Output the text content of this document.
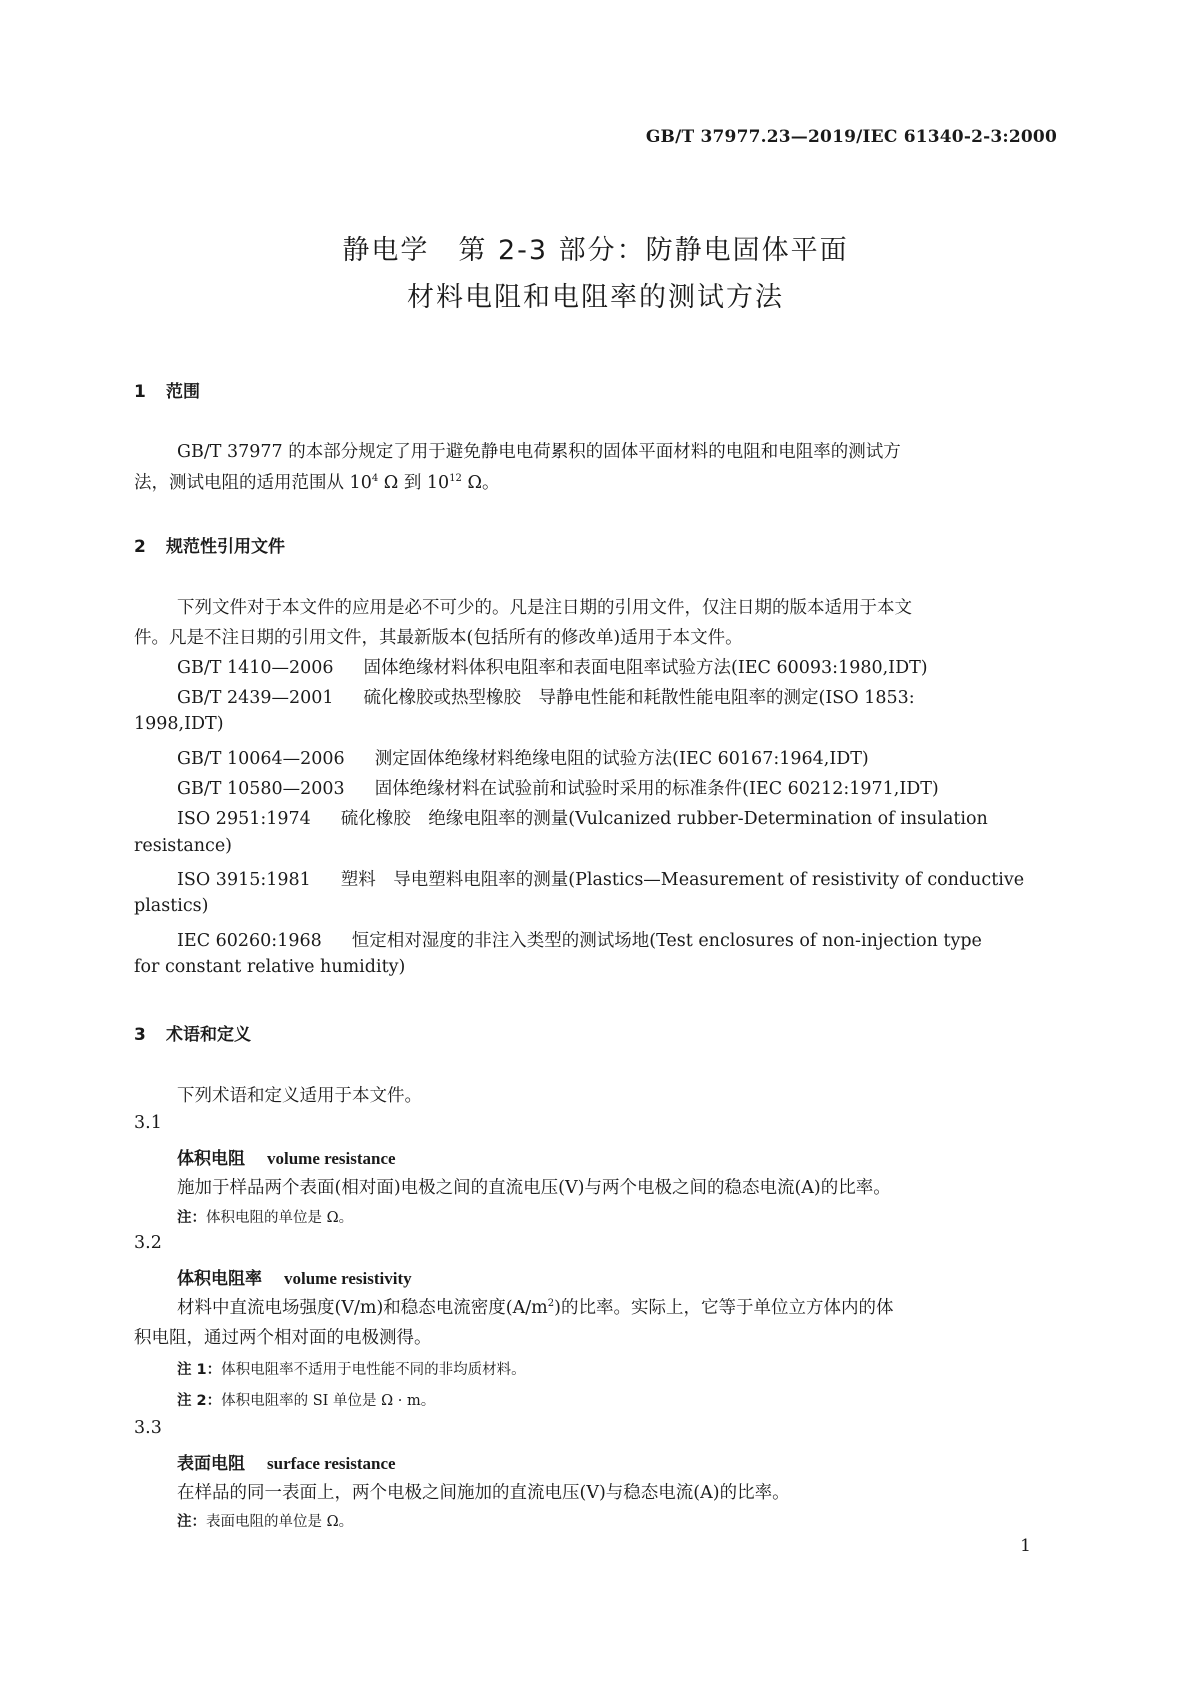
GB/T 37977.23—2019/IEC 61340-2-3:2000
静电学　第 2-3 部分：防静电固体平面
材料电阻和电阻率的测试方法
1 范围
GB/T 37977 的本部分规定了用于避免静电电荷累积的固体平面材料的电阻和电阻率的测试方
法，测试电阻的适用范围从 $10^4$ Ω 到 $10^{12}$ Ω。
2 规范性引用文件
下列文件对于本文件的应用是必不可少的。凡是注日期的引用文件，仅注日期的版本适用于本文
件。凡是不注日期的引用文件，其最新版本(包括所有的修改单)适用于本文件。
GB/T 1410—2006 固体绝缘材料体积电阻率和表面电阻率试验方法(IEC 60093:1980,IDT)
GB/T 2439—2001 硫化橡胶或热型橡胶　导静电性能和耗散性能电阻率的测定(ISO 1853:
1998,IDT)
GB/T 10064—2006 测定固体绝缘材料绝缘电阻的试验方法(IEC 60167:1964,IDT)
GB/T 10580—2003 固体绝缘材料在试验前和试验时采用的标准条件(IEC 60212:1971,IDT)
ISO 2951:1974 硫化橡胶　绝缘电阻率的测量(Vulcanized rubber-Determination of insulation
resistance)
ISO 3915:1981 塑料　导电塑料电阻率的测量(Plastics—Measurement of resistivity of conductive
plastics)
IEC 60260:1968 恒定相对湿度的非注入类型的测试场地(Test enclosures of non-injection type
for constant relative humidity)
3 术语和定义
下列术语和定义适用于本文件。
3.1
体积电阻 volume resistance
施加于样品两个表面(相对面)电极之间的直流电压(V)与两个电极之间的稳态电流(A)的比率。
注：体积电阻的单位是 Ω。
3.2
体积电阻率 volume resistivity
材料中直流电场强度(V/m)和稳态电流密度$(A/m^2)$的比率。实际上，它等于单位立方体内的体
积电阻，通过两个相对面的电极测得。
注 1：体积电阻率不适用于电性能不同的非均质材料。
注 2：体积电阻率的 SI 单位是 Ω · m。
3.3
表面电阻 surface resistance
在样品的同一表面上，两个电极之间施加的直流电压(V)与稳态电流(A)的比率。
注：表面电阻的单位是 Ω。
1
